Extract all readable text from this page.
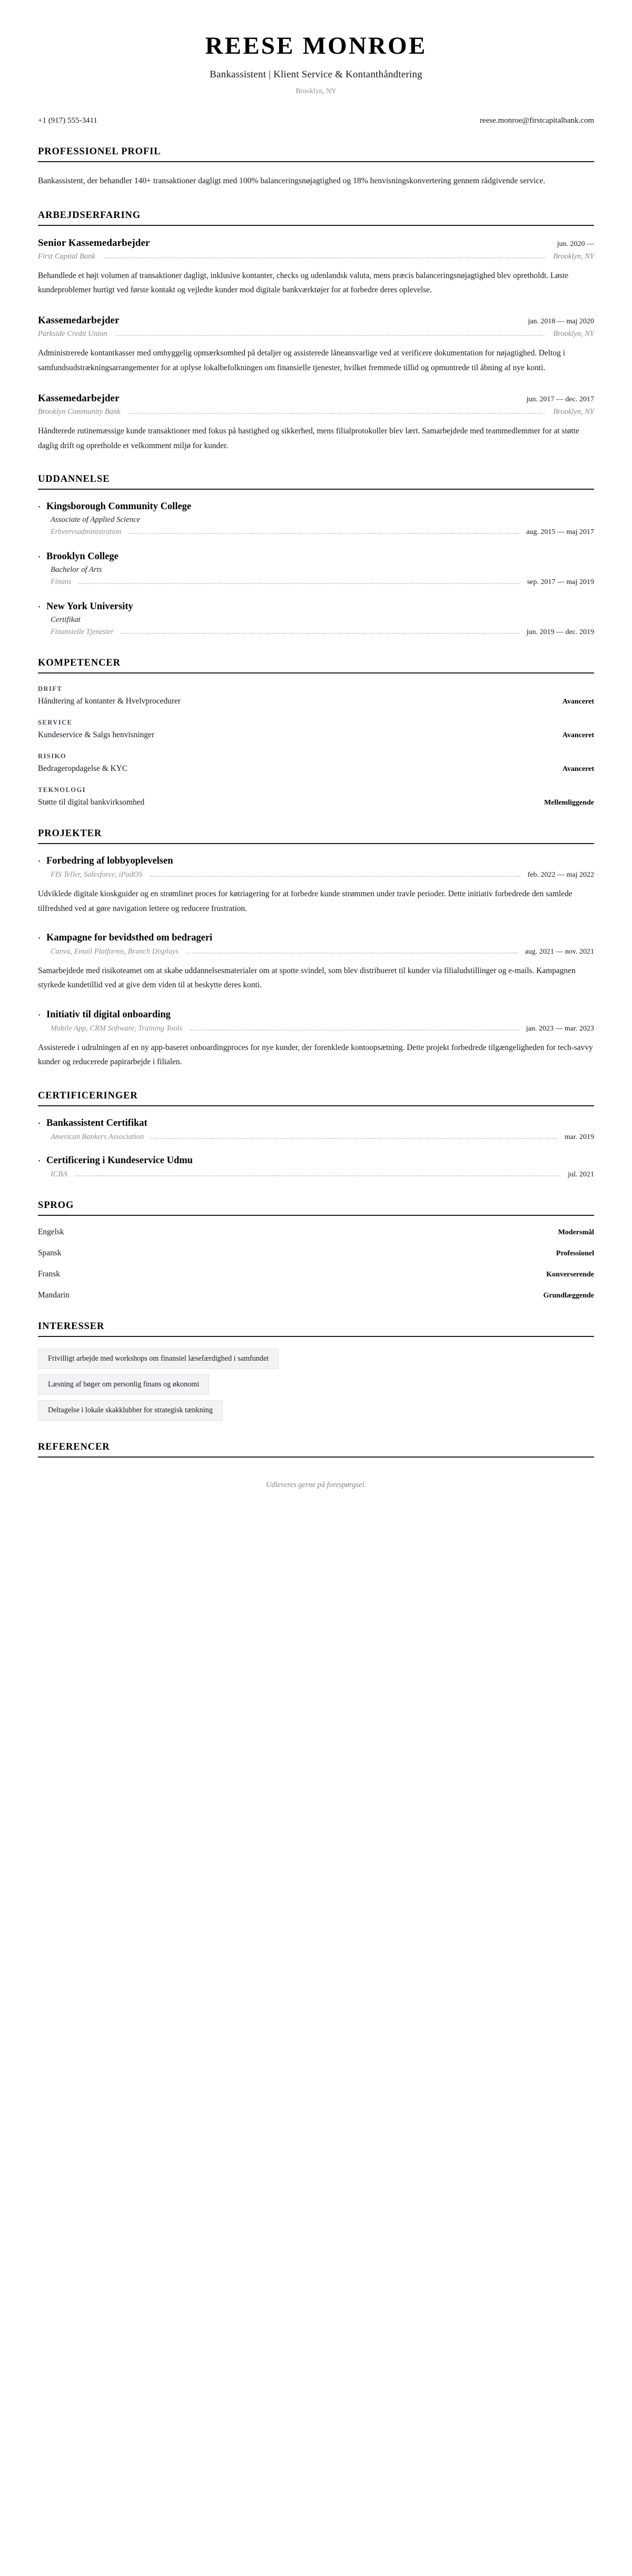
REESE MONROE
Bankassistent | Klient Service & Kontanthåndtering
Brooklyn, NY
+1 (917) 555-3411	reese.monroe@firstcapitalbank.com
PROFESSIONEL PROFIL

Bankassistent, der behandler 140+ transaktioner dagligt med 100% balanceringsnøjagtighed og 18% henvisningskonvertering gennem rådgivende service.

ARBEJDSERFARING
Senior Kassemedarbejder	jun. 2020 —
First Capital Bank	Brooklyn, NY

Behandlede et højt volumen af transaktioner dagligt, inklusive kontanter, checks og udenlandsk valuta, mens præcis balanceringsnøjagtighed blev opretholdt. Løste kundeproblemer hurtigt ved første kontakt og vejledte kunder mod digitale bankværktøjer for at forbedre deres oplevelse.

Kassemedarbejder	jan. 2018 — maj 2020
Parkside Credit Union	Brooklyn, NY

Administrerede kontantkasser med omhyggelig opmærksomhed på detaljer og assisterede låneansvarlige ved at verificere dokumentation for nøjagtighed. Deltog i samfundsudstrækningsarrangementer for at oplyse lokalbefolkningen om finansielle tjenester, hvilket fremmede tillid og opmuntrede til åbning af nye konti.

Kassemedarbejder	jun. 2017 — dec. 2017
Brooklyn Community Bank	Brooklyn, NY

Håndterede rutinemæssige kunde transaktioner med fokus på hastighed og sikkerhed, mens filialprotokoller blev lært. Samarbejdede med teammedlemmer for at støtte daglig drift og opretholde et velkomment miljø for kunder.

UDDANNELSE
· Kingsborough Community College
Associate of Applied Science
Erhvervsadministration	aug. 2015 — maj 2017
· Brooklyn College
Bachelor of Arts
Finans	sep. 2017 — maj 2019
· New York University
Certifikat
Finansielle Tjenester	jun. 2019 — dec. 2019
KOMPETENCER
DRIFT
Håndtering af kontanter & Hvelvprocedurer	Avanceret
SERVICE
Kundeservice & Salgs henvisninger	Avanceret
RISIKO
Bedrageropdagelse & KYC	Avanceret
TEKNOLOGI
Støtte til digital bankvirksomhed	Mellemliggende
PROJEKTER
· Forbedring af lobbyoplevelsen
FIS Teller, Salesforce, iPadOS	feb. 2022 — maj 2022

Udviklede digitale kioskguider og en strømlinet proces for køtriagering for at forbedre kunde strømmen under travle perioder. Dette initiativ forbedrede den samlede tilfredshed ved at gøre navigation lettere og reducere frustration.

· Kampagne for bevidsthed om bedrageri
Canva, Email Platforms, Branch Displays	aug. 2021 — nov. 2021

Samarbejdede med risikoteamet om at skabe uddannelsesmaterialer om at spotte svindel, som blev distribueret til kunder via filialudstillinger og e-mails. Kampagnen styrkede kundetillid ved at give dem viden til at beskytte deres konti.

· Initiativ til digital onboarding
Mobile App, CRM Software, Training Tools	jan. 2023 — mar. 2023

Assisterede i udrulningen af en ny app-baseret onboardingproces for nye kunder, der forenklede kontoopsætning. Dette projekt forbedrede tilgængeligheden for tech-savvy kunder og reducerede papirarbejde i filialen.

CERTIFICERINGER
· Bankassistent Certifikat
American Bankers Association	mar. 2019
· Certificering i Kundeservice Udmu
ICBA	jul. 2021
SPROG
Engelsk	Modersmål
Spansk	Professionel
Fransk	Konverserende
Mandarin	Grundlæggende
INTERESSER
Frivilligt arbejde med workshops om finansiel læsefærdighed i samfundet
Læsning af bøger om personlig finans og økonomi
Deltagelse i lokale skakklubber for strategisk tænkning
REFERENCER
Udleveres gerne på forespørgsel.
